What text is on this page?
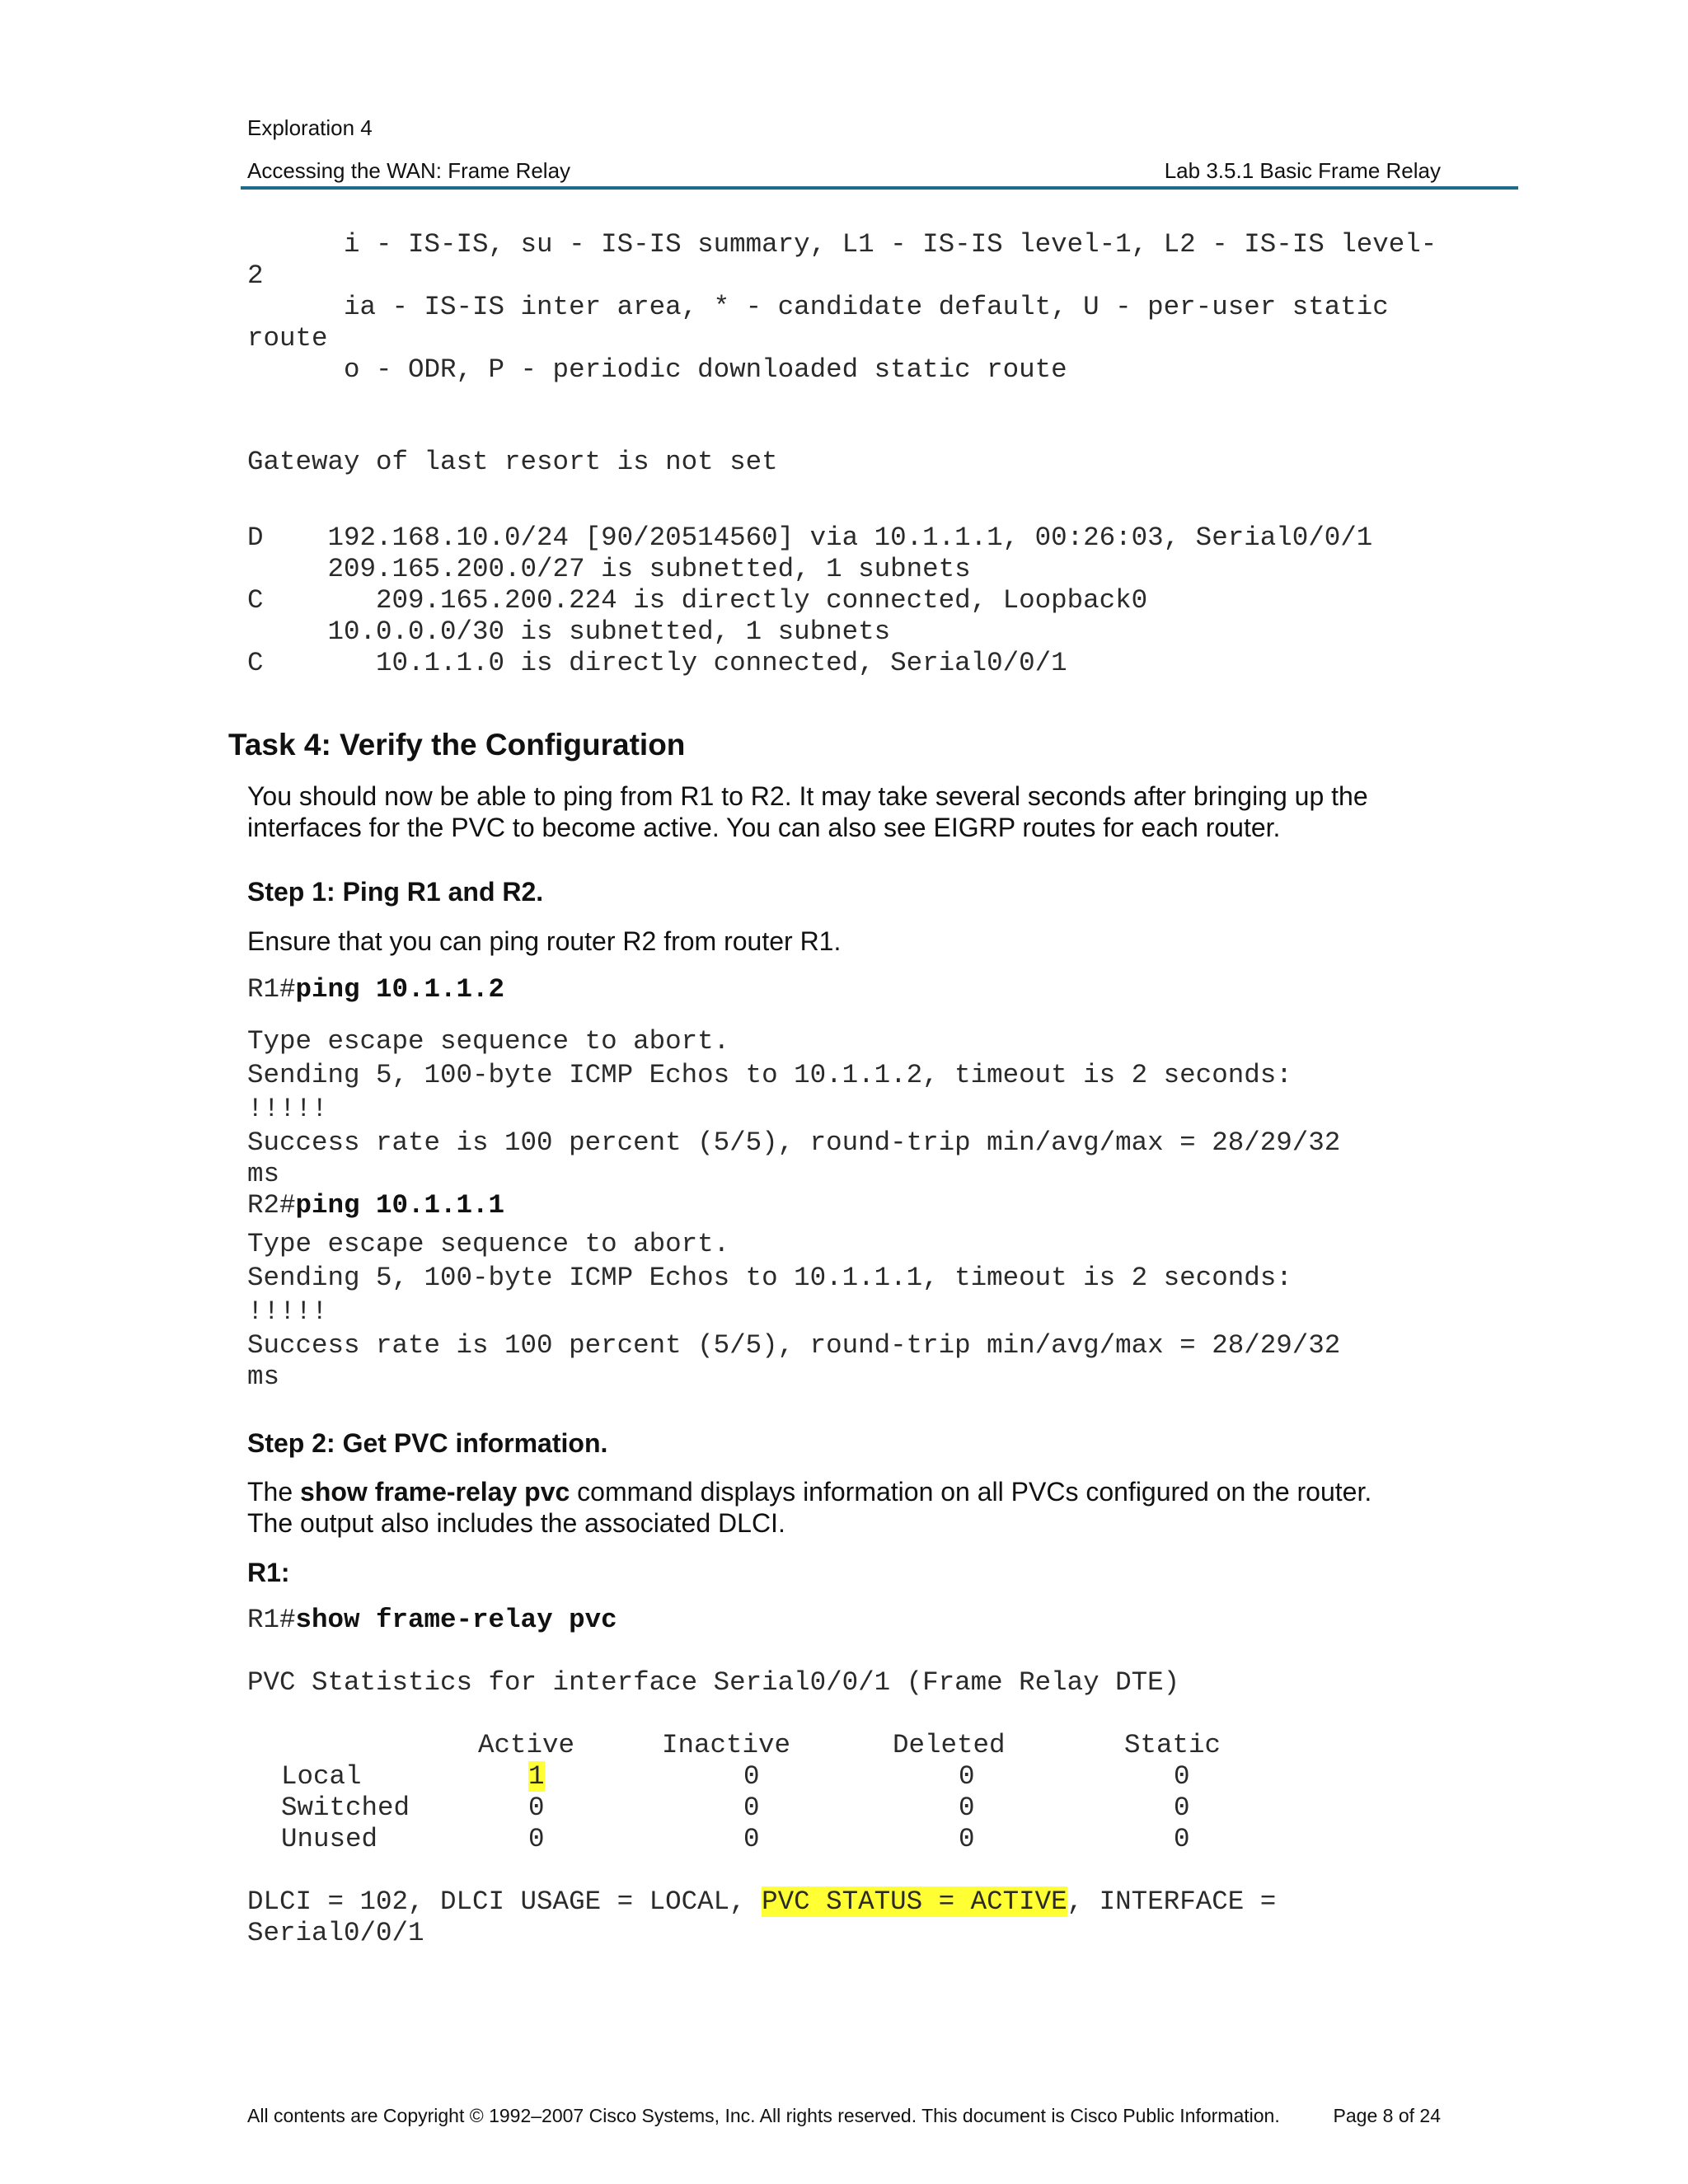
Exploration 4
Accessing the WAN: Frame Relay	Lab 3.5.1 Basic Frame Relay
i - IS-IS, su - IS-IS summary, L1 - IS-IS level-1, L2 - IS-IS level-
2
ia - IS-IS inter area, * - candidate default, U - per-user static
route
o - ODR, P - periodic downloaded static route
Gateway of last resort is not set
D    192.168.10.0/24 [90/20514560] via 10.1.1.1, 00:26:03, Serial0/0/1
209.165.200.0/27 is subnetted, 1 subnets
C       209.165.200.224 is directly connected, Loopback0
10.0.0.0/30 is subnetted, 1 subnets
C       10.1.1.0 is directly connected, Serial0/0/1
Task 4: Verify the Configuration
You should now be able to ping from R1 to R2. It may take several seconds after bringing up the
interfaces for the PVC to become active. You can also see EIGRP routes for each router.
Step 1: Ping R1 and R2.
Ensure that you can ping router R2 from router R1.
R1#ping 10.1.1.2
Type escape sequence to abort.
Sending 5, 100-byte ICMP Echos to 10.1.1.2, timeout is 2 seconds:
!!!!!
Success rate is 100 percent (5/5), round-trip min/avg/max = 28/29/32
ms
R2#ping 10.1.1.1
Type escape sequence to abort.
Sending 5, 100-byte ICMP Echos to 10.1.1.1, timeout is 2 seconds:
!!!!!
Success rate is 100 percent (5/5), round-trip min/avg/max = 28/29/32
ms
Step 2: Get PVC information.
The show frame-relay pvc command displays information on all PVCs configured on the router.
The output also includes the associated DLCI.
R1:
R1#show frame-relay pvc
PVC Statistics for interface Serial0/0/1 (Frame Relay DTE)
Active	Inactive	Deleted	Static
Local	1	0	0	0
Switched	0	0	0	0
Unused	0	0	0	0
DLCI = 102, DLCI USAGE = LOCAL, PVC STATUS = ACTIVE, INTERFACE =
Serial0/0/1
All contents are Copyright © 1992–2007 Cisco Systems, Inc. All rights reserved. This document is Cisco Public Information.	Page 8 of 24
